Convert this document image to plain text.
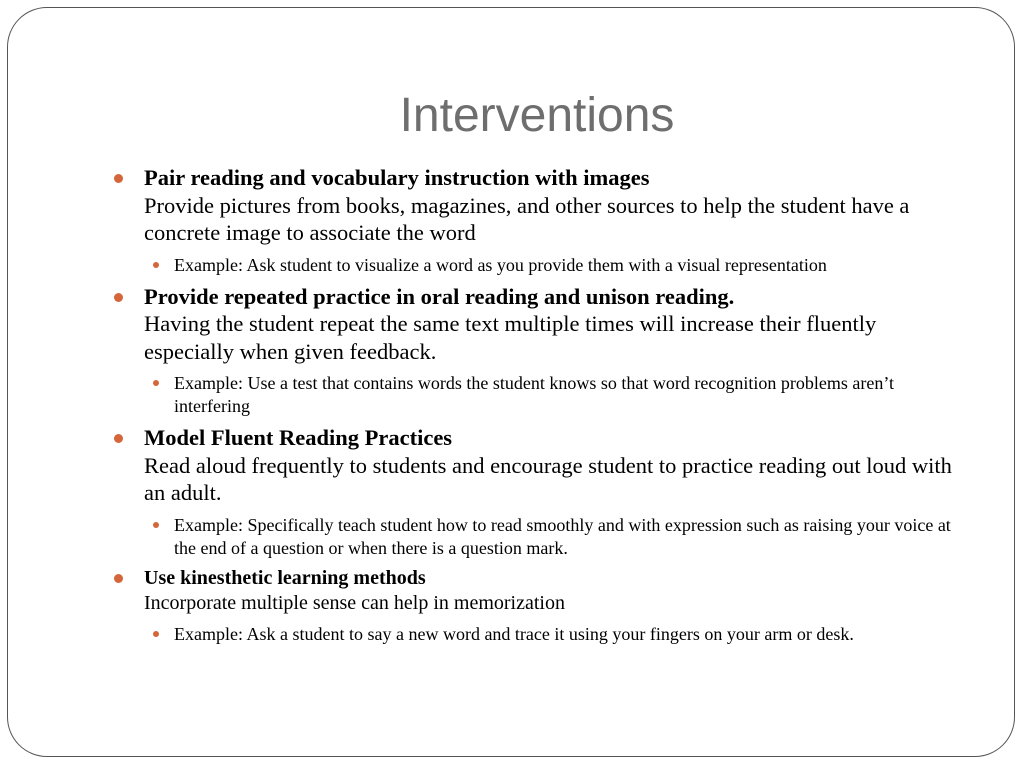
Interventions
Pair reading and vocabulary instruction with images
Provide pictures from books, magazines, and other sources to help the student have a concrete image to associate the word
Example: Ask student to visualize a word as you provide them with a visual representation
Provide repeated practice in oral reading and unison reading.
Having the student repeat the same text multiple times will increase their fluently especially when given feedback.
Example: Use a test that contains words the student knows so that word recognition problems aren’t interfering
Model Fluent Reading Practices
Read aloud frequently to students and encourage student to practice reading out loud with an adult.
Example: Specifically teach student how to read smoothly and with expression such as raising your voice at the end of a question or when there is a question mark.
Use kinesthetic learning methods
Incorporate multiple sense can help in memorization
Example: Ask a student to say a new word and trace it using your fingers on your arm or desk.
